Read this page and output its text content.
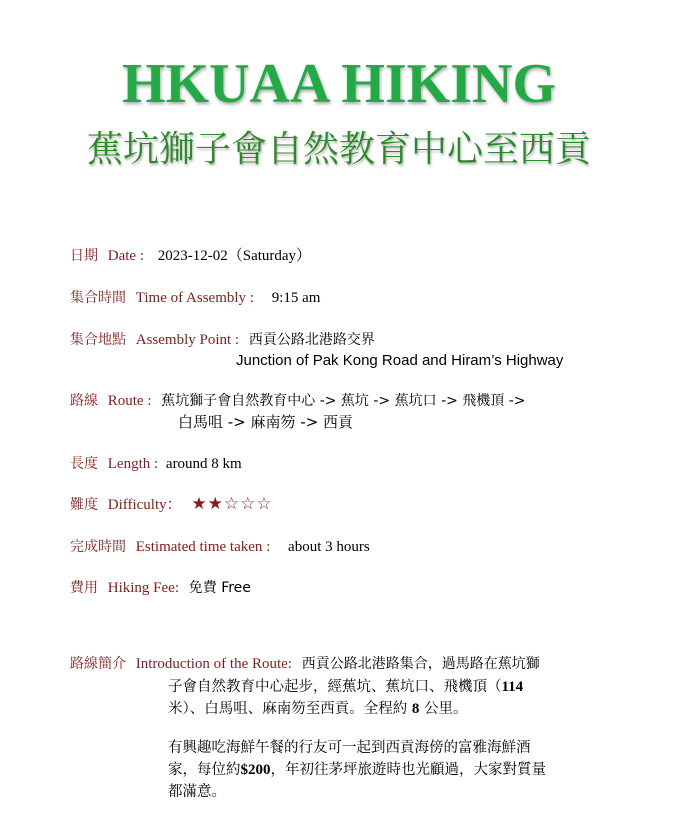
HKUAA HIKING
蕉坑獅子會自然教育中心至西貢
日期 Date : 2023-12-02（Saturday）
集合時間 Time of Assembly : 9:15 am
集合地點 Assembly Point : 西貢公路北港路交界
Junction of Pak Kong Road and Hiram’s Highway
路線 Route : 蕉坑獅子會自然教育中心 -> 蕉坑 -> 蕉坑口 -> 飛機頂 ->
白馬咀 -> 麻南笏 -> 西貢
長度 Length : around 8 km
難度 Difficulty： ★★☆☆☆
完成時間 Estimated time taken : about 3 hours
費用 Hiking Fee: 免費 Free
路線簡介 Introduction of the Route: 西貢公路北港路集合，過馬路在蕉坑獅
子會自然教育中心起步，經蕉坑、蕉坑口、飛機頂（114
米）、白馬咀、麻南笏至西貢。全程約 8 公里。
有興趣吃海鮮午餐的行友可一起到西貢海傍的富雅海鮮酒
家，每位約$200，年初往茅坪旅遊時也光顧過，大家對質量
都滿意。
